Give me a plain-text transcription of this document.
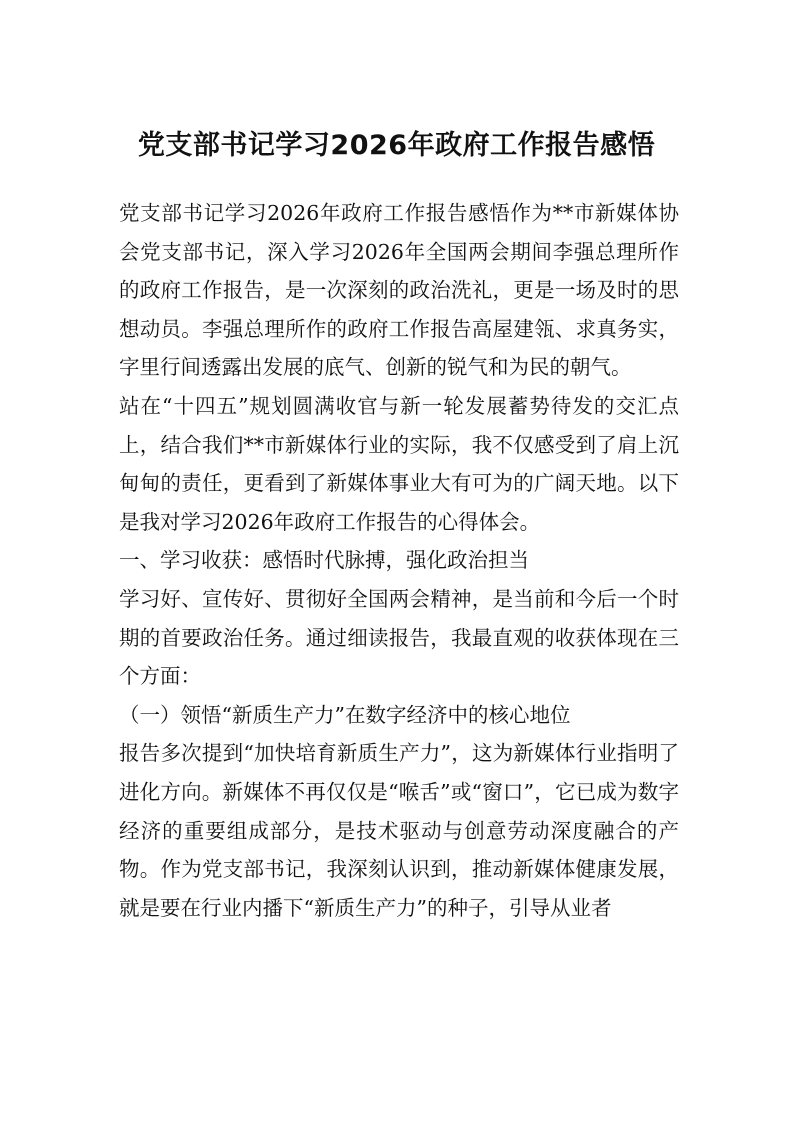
党支部书记学习2026年政府工作报告感悟

党支部书记学习2026年政府工作报告感悟作为**市新媒体协会党支部书记，深入学习2026年全国两会期间李强总理所作的政府工作报告，是一次深刻的政治洗礼，更是一场及时的思想动员。李强总理所作的政府工作报告高屋建瓴、求真务实，字里行间透露出发展的底气、创新的锐气和为民的朝气。

站在“十四五”规划圆满收官与新一轮发展蓄势待发的交汇点上，结合我们**市新媒体行业的实际，我不仅感受到了肩上沉甸甸的责任，更看到了新媒体事业大有可为的广阔天地。以下是我对学习2026年政府工作报告的心得体会。

一、学习收获：感悟时代脉搏，强化政治担当

学习好、宣传好、贯彻好全国两会精神，是当前和今后一个时期的首要政治任务。通过细读报告，我最直观的收获体现在三个方面：

（一）领悟“新质生产力”在数字经济中的核心地位

报告多次提到“加快培育新质生产力”，这为新媒体行业指明了进化方向。新媒体不再仅仅是“喉舌”或“窗口”，它已成为数字经济的重要组成部分，是技术驱动与创意劳动深度融合的产物。作为党支部书记，我深刻认识到，推动新媒体健康发展，就是要在行业内播下“新质生产力”的种子，引导从业者
